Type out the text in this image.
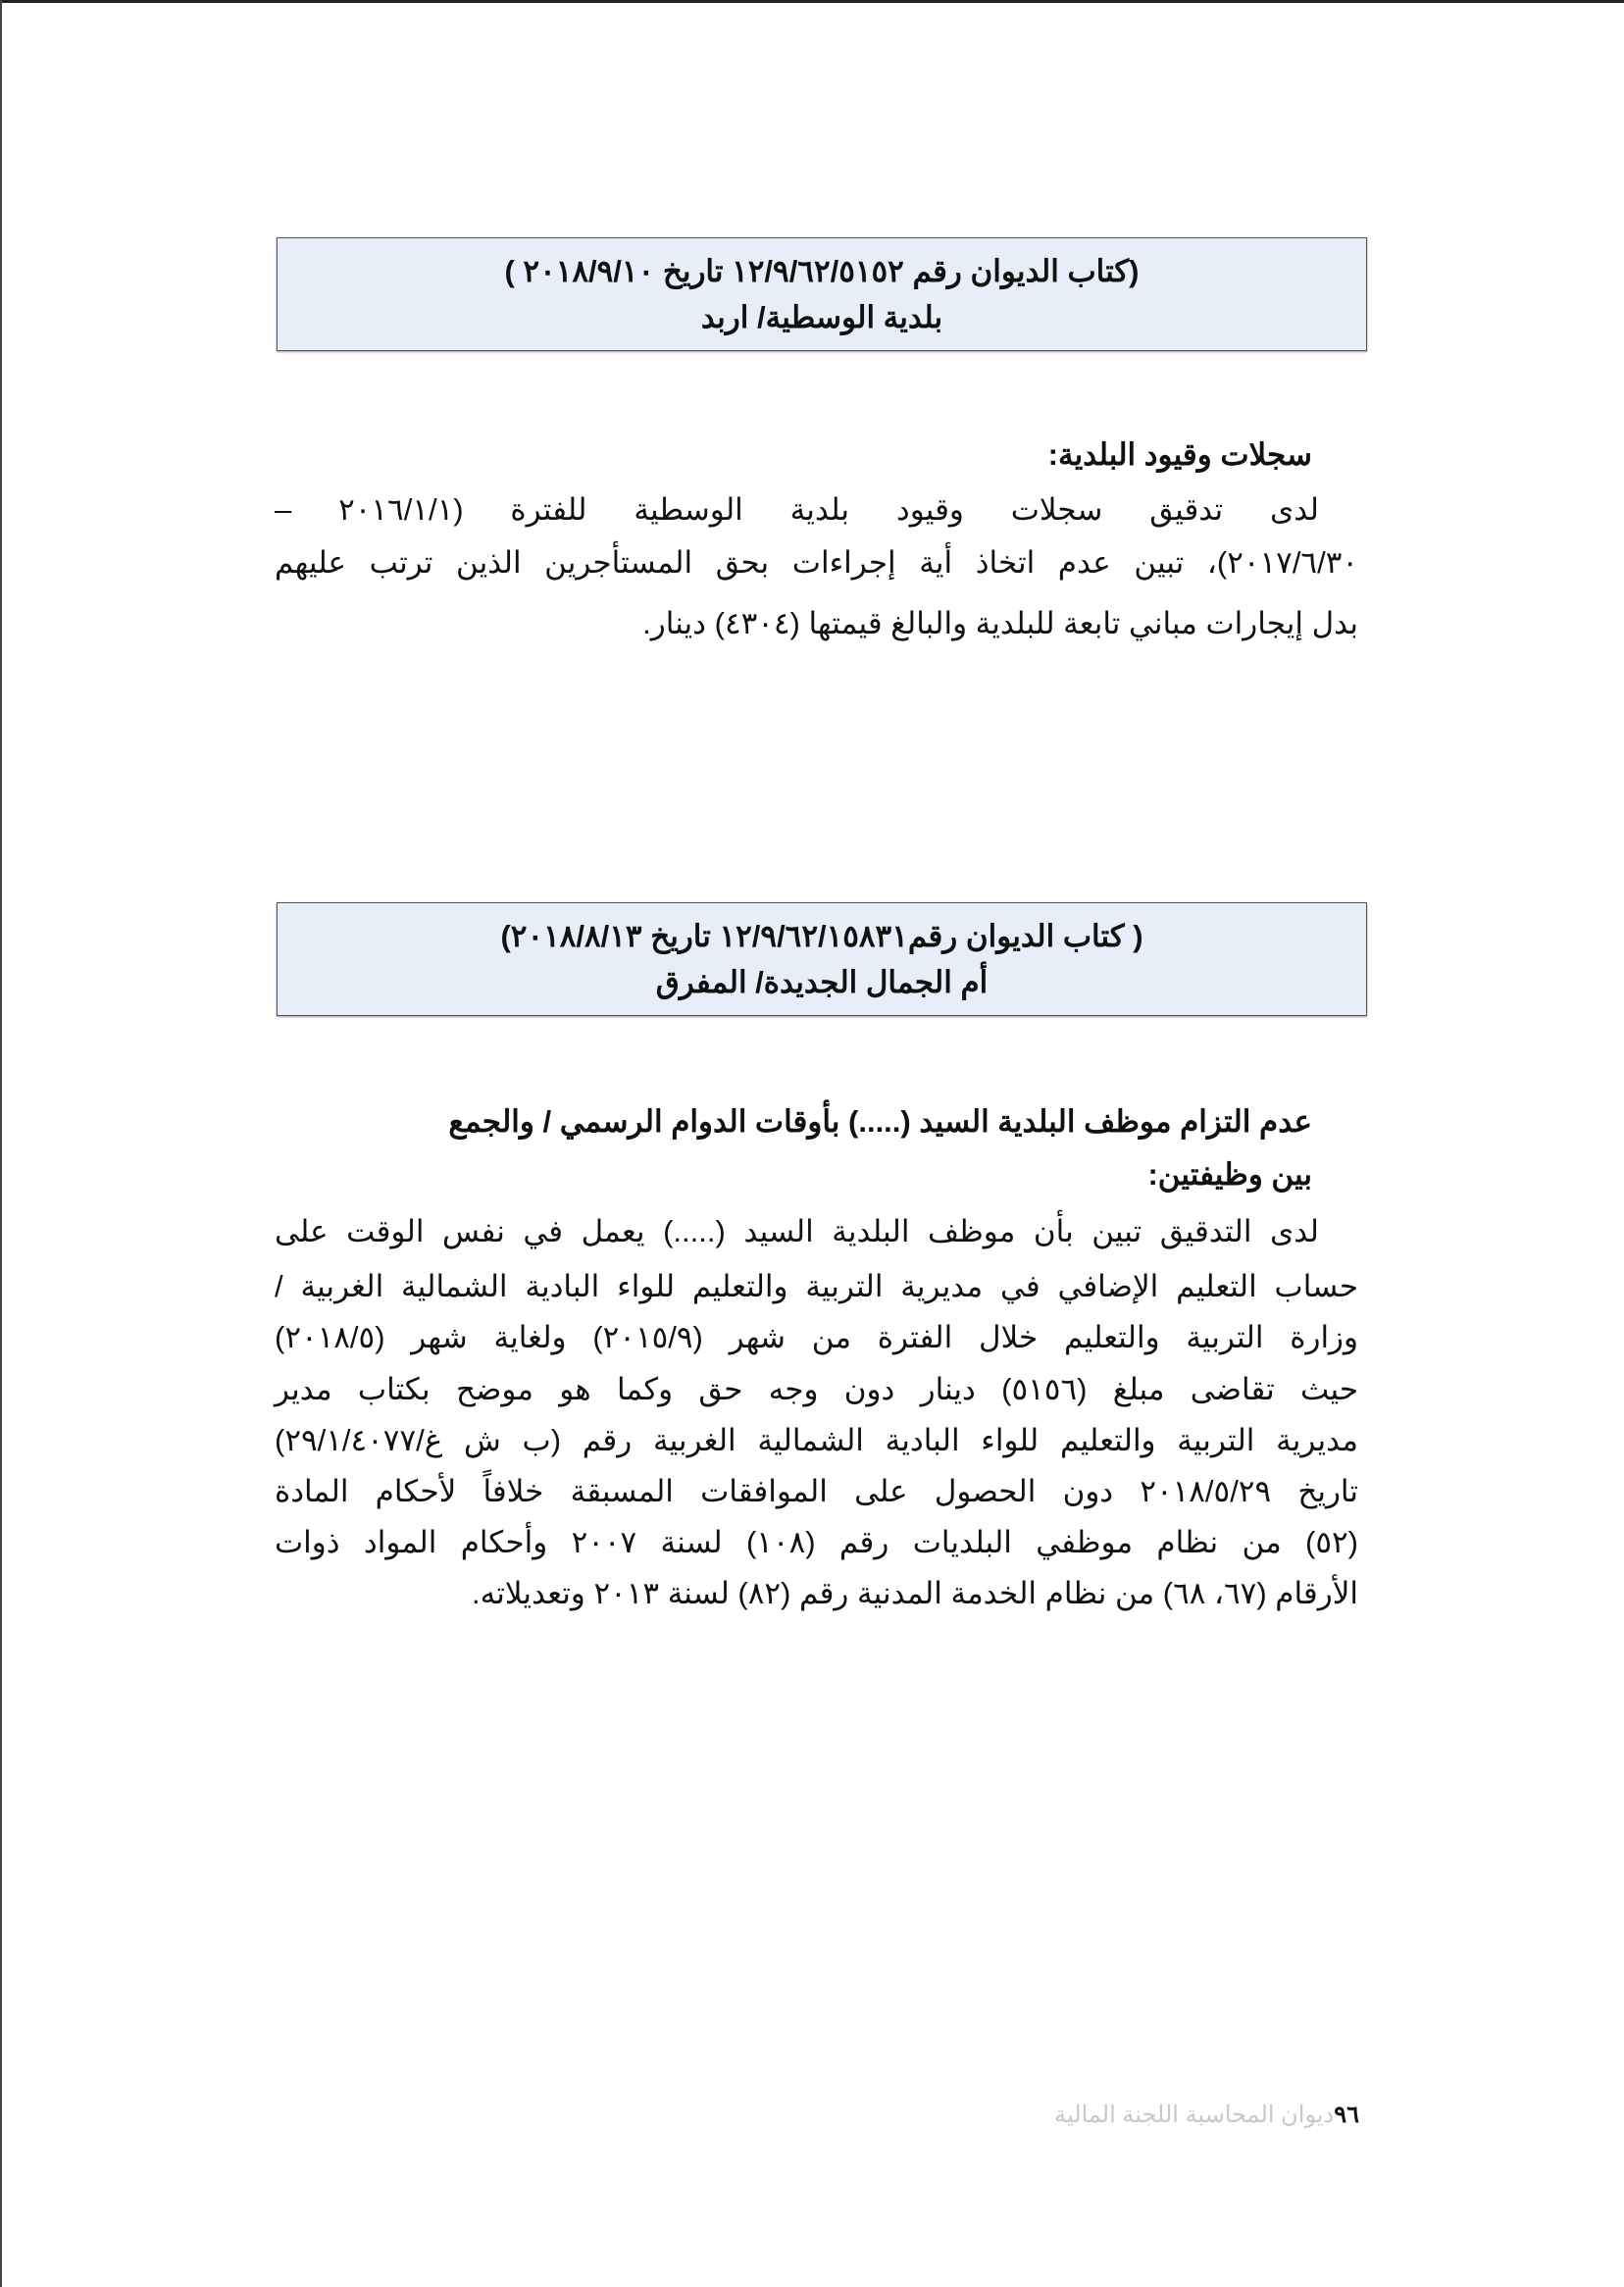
(كتاب الديوان رقم ١٢/٩/٦٢/٥١٥٢ تاريخ ٢٠١٨/٩/١٠ )
بلدية الوسطية/ اربد
سجلات وقيود البلدية:
لدى تدقيق سجلات وقيود بلدية الوسطية للفترة (٢٠١٦/١/١ –
٢٠١٧/٦/٣٠)، تبين عدم اتخاذ أية إجراءات بحق المستأجرين الذين ترتب عليهم
بدل إيجارات مباني تابعة للبلدية والبالغ قيمتها (٤٣٠٤) دينار.
( كتاب الديوان رقم١٢/٩/٦٢/١٥٨٣١ تاريخ ٢٠١٨/٨/١٣)
أم الجمال الجديدة/ المفرق
عدم التزام موظف البلدية السيد (.....) بأوقات الدوام الرسمي / والجمع
بين وظيفتين:
لدى التدقيق تبين بأن موظف البلدية السيد (.....) يعمل في نفس الوقت على
حساب التعليم الإضافي في مديرية التربية والتعليم للواء البادية الشمالية الغربية /
وزارة التربية والتعليم خلال الفترة من شهر (٢٠١٥/٩) ولغاية شهر (٢٠١٨/٥)
حيث تقاضى مبلغ (٥١٥٦) دينار دون وجه حق وكما هو موضح بكتاب مدير
مديرية التربية والتعليم للواء البادية الشمالية الغربية رقم (ب ش غ/٢٩/١/٤٠٧٧)
تاريخ ٢٠١٨/٥/٢٩ دون الحصول على الموافقات المسبقة خلافاً لأحكام المادة
(٥٢) من نظام موظفي البلديات رقم (١٠٨) لسنة ٢٠٠٧ وأحكام المواد ذوات
الأرقام (٦٧، ٦٨) من نظام الخدمة المدنية رقم (٨٢) لسنة ٢٠١٣ وتعديلاته.
٩٦ديوان المحاسبة اللجنة المالية
